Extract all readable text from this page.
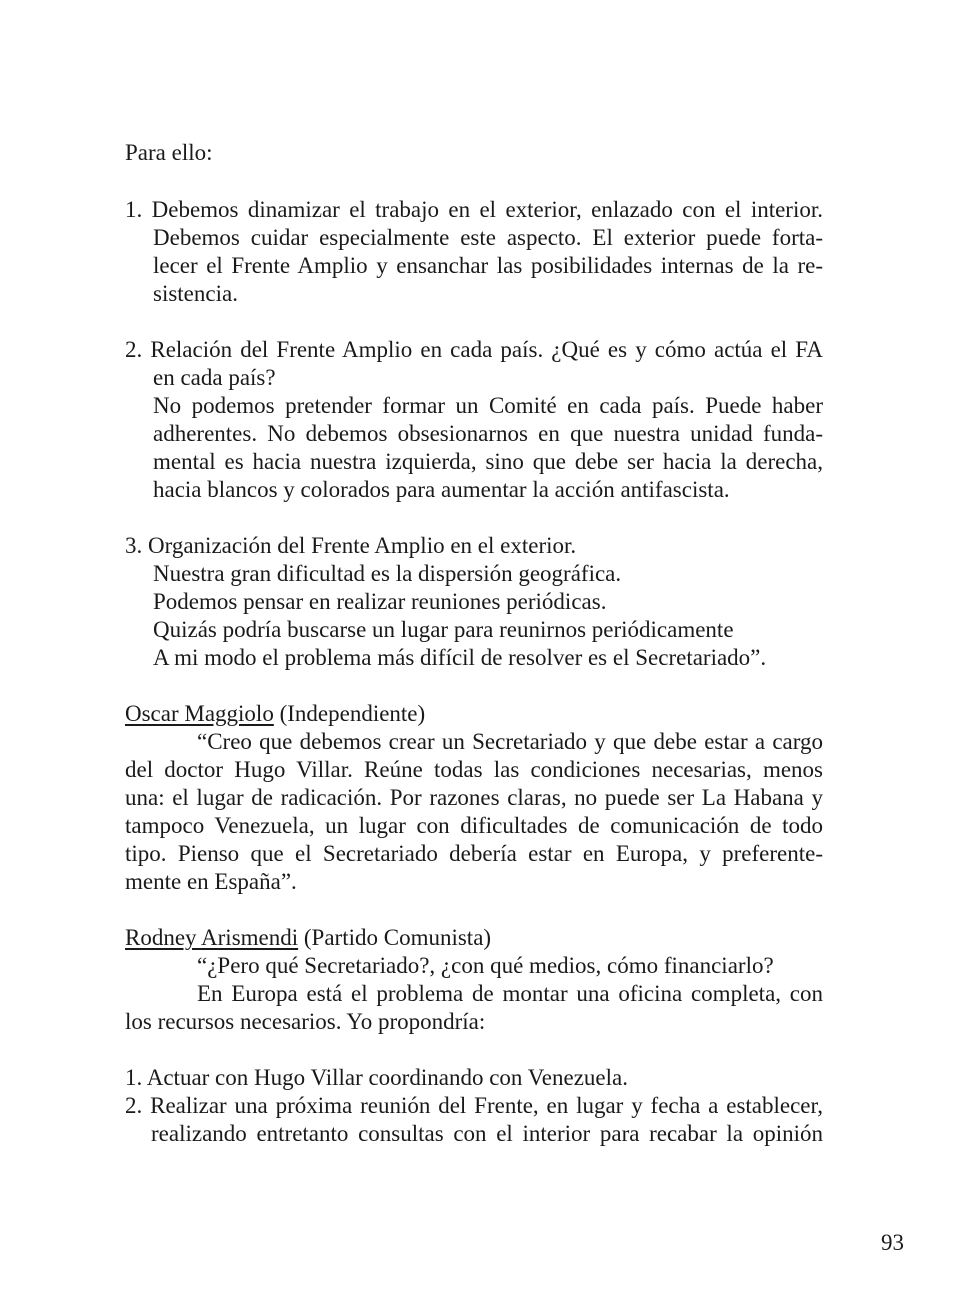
Para ello:
1. Debemos dinamizar el trabajo en el exterior, enlazado con el interior.
Debemos cuidar especialmente este aspecto. El exterior puede forta-
lecer el Frente Amplio y ensanchar las posibilidades internas de la re-
sistencia.
2. Relación del Frente Amplio en cada país. ¿Qué es y cómo actúa el FA
en cada país?
No podemos pretender formar un Comité en cada país. Puede haber
adherentes. No debemos obsesionarnos en que nuestra unidad funda-
mental es hacia nuestra izquierda, sino que debe ser hacia la derecha,
hacia blancos y colorados para aumentar la acción antifascista.
3. Organización del Frente Amplio en el exterior.
Nuestra gran dificultad es la dispersión geográfica.
Podemos pensar en realizar reuniones periódicas.
Quizás podría buscarse un lugar para reunirnos periódicamente
A mi modo el problema más difícil de resolver es el Secretariado”.
Oscar Maggiolo (Independiente)
“Creo que debemos crear un Secretariado y que debe estar a cargo
del doctor Hugo Villar. Reúne todas las condiciones necesarias, menos
una: el lugar de radicación. Por razones claras, no puede ser La Habana y
tampoco Venezuela, un lugar con dificultades de comunicación de todo
tipo. Pienso que el Secretariado debería estar en Europa, y preferente-
mente en España”.
Rodney Arismendi (Partido Comunista)
“¿Pero qué Secretariado?, ¿con qué medios, cómo financiarlo?
En Europa está el problema de montar una oficina completa, con
los recursos necesarios. Yo propondría:
1. Actuar con Hugo Villar coordinando con Venezuela.
2. Realizar una próxima reunión del Frente, en lugar y fecha a establecer,
realizando entretanto consultas con el interior para recabar la opinión
93
